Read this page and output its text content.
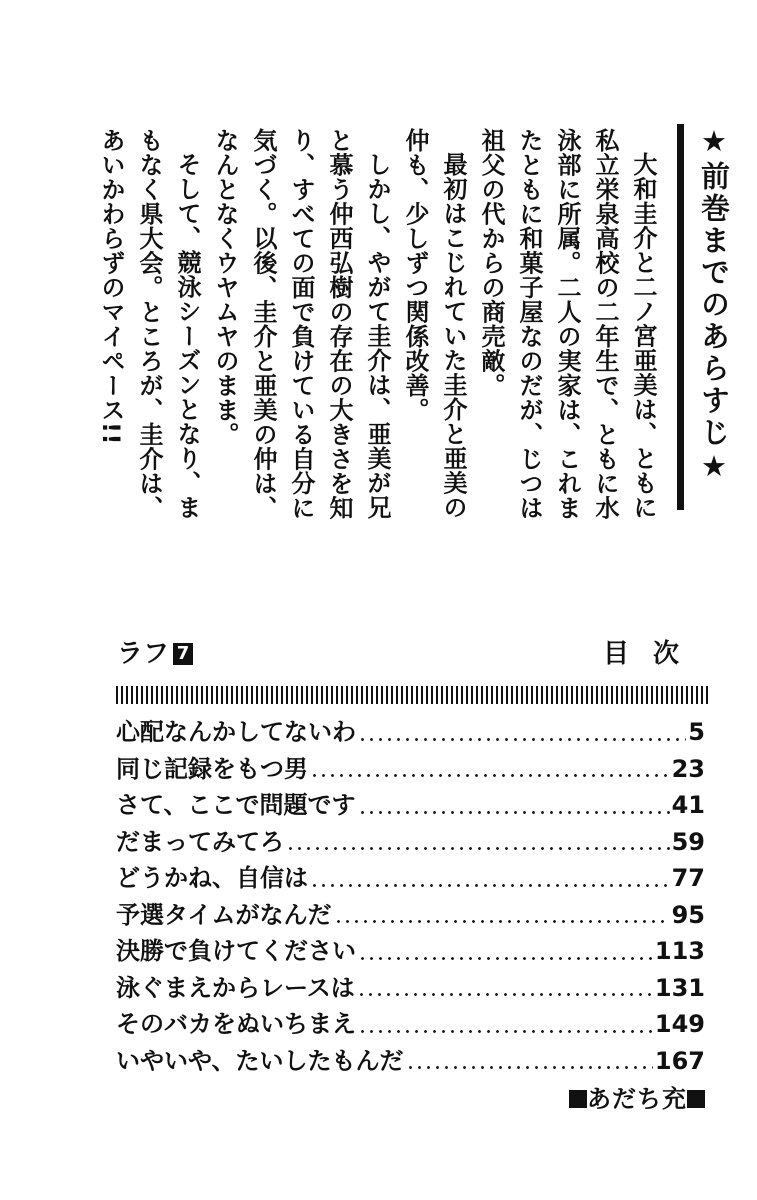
★前巻までのあらすじ★

大和圭介と二ノ宮亜美は、ともに私立栄泉高校の二年生で、ともに水泳部に所属。二人の実家は、これまたともに和菓子屋なのだが、じつは祖父の代からの商売敵。

最初はこじれていた圭介と亜美の仲も、少しずつ関係改善。

しかし、やがて圭介は、亜美が兄と慕う仲西弘樹の存在の大きさを知り、すべての面で負けている自分に気づく。以後、圭介と亜美の仲は、なんとなくウヤムヤのまま。

そして、競泳シーズンとなり、まもなく県大会。ところが、圭介は、あいかわらずのマイペース!!

ラフ 7	目次
心配なんかしてないわ	5
同じ記録をもつ男	23
さて、ここで問題です	41
だまってみてろ	59
どうかね、自信は	77
予選タイムがなんだ	95
決勝で負けてください	113
泳ぐまえからレースは	131
そのバカをぬいちまえ	149
いやいや、たいしたもんだ	167
あだち充
